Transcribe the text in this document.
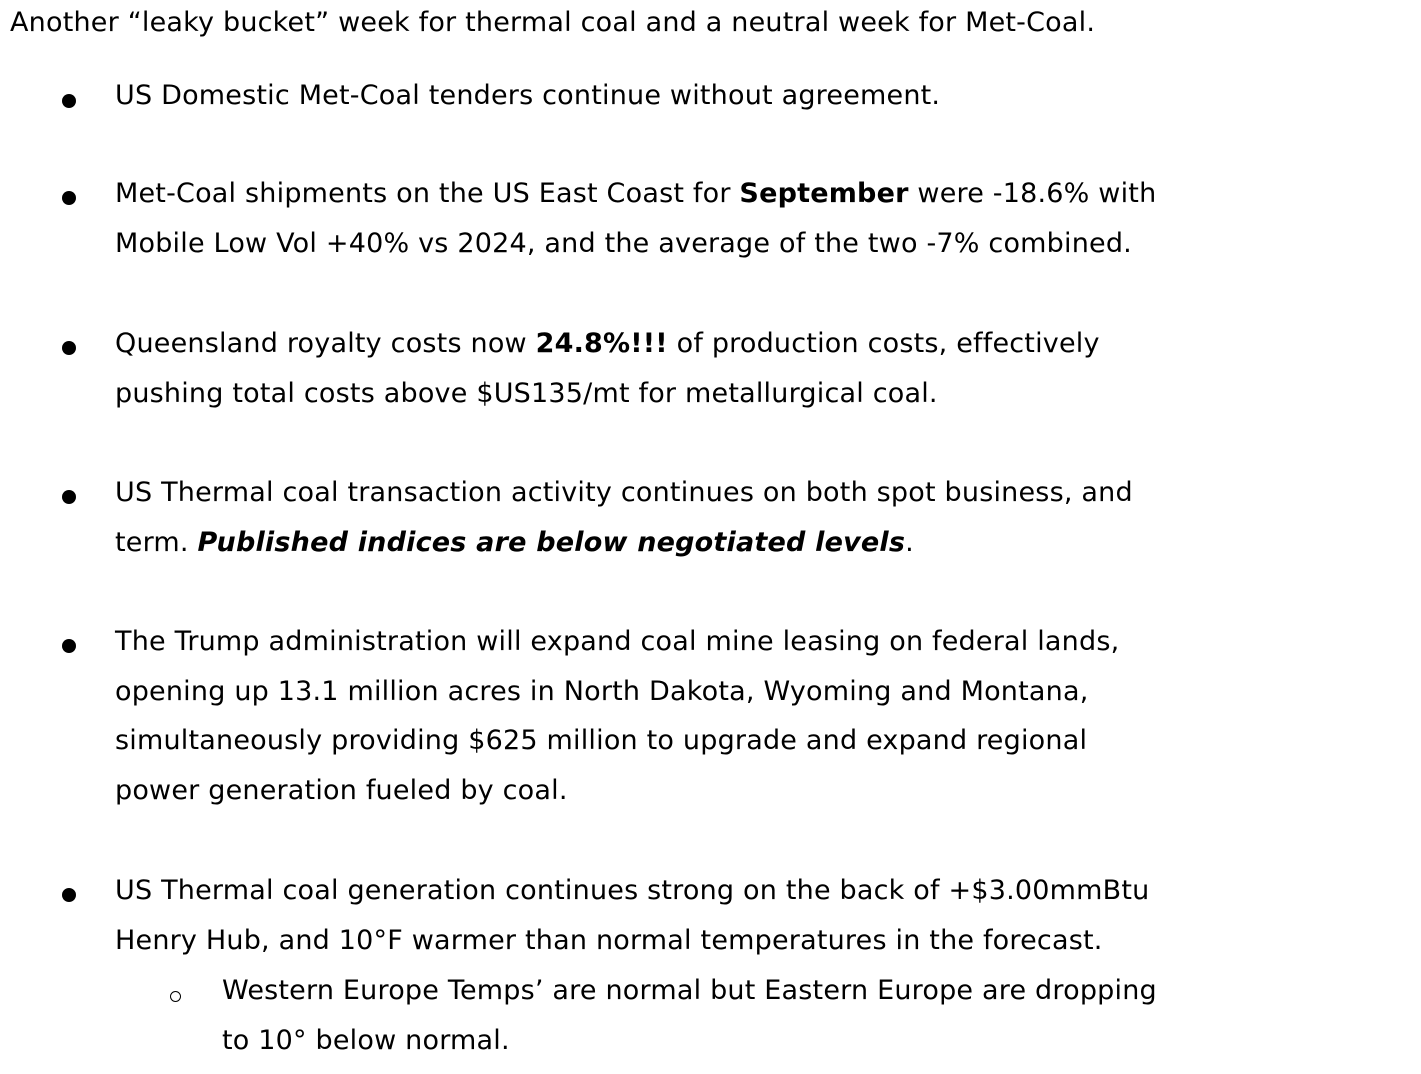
Another “leaky bucket” week for thermal coal and a neutral week for Met-Coal.
US Domestic Met-Coal tenders continue without agreement.
Met-Coal shipments on the US East Coast for September were -18.6% with
Mobile Low Vol +40% vs 2024, and the average of the two -7% combined.
Queensland royalty costs now 24.8%!!! of production costs, effectively
pushing total costs above $US135/mt for metallurgical coal.
US Thermal coal transaction activity continues on both spot business, and
term. Published indices are below negotiated levels.
The Trump administration will expand coal mine leasing on federal lands,
opening up 13.1 million acres in North Dakota, Wyoming and Montana,
simultaneously providing $625 million to upgrade and expand regional
power generation fueled by coal.
US Thermal coal generation continues strong on the back of +$3.00mmBtu
Henry Hub, and 10°F warmer than normal temperatures in the forecast.
Western Europe Temps’ are normal but Eastern Europe are dropping
to 10° below normal.
